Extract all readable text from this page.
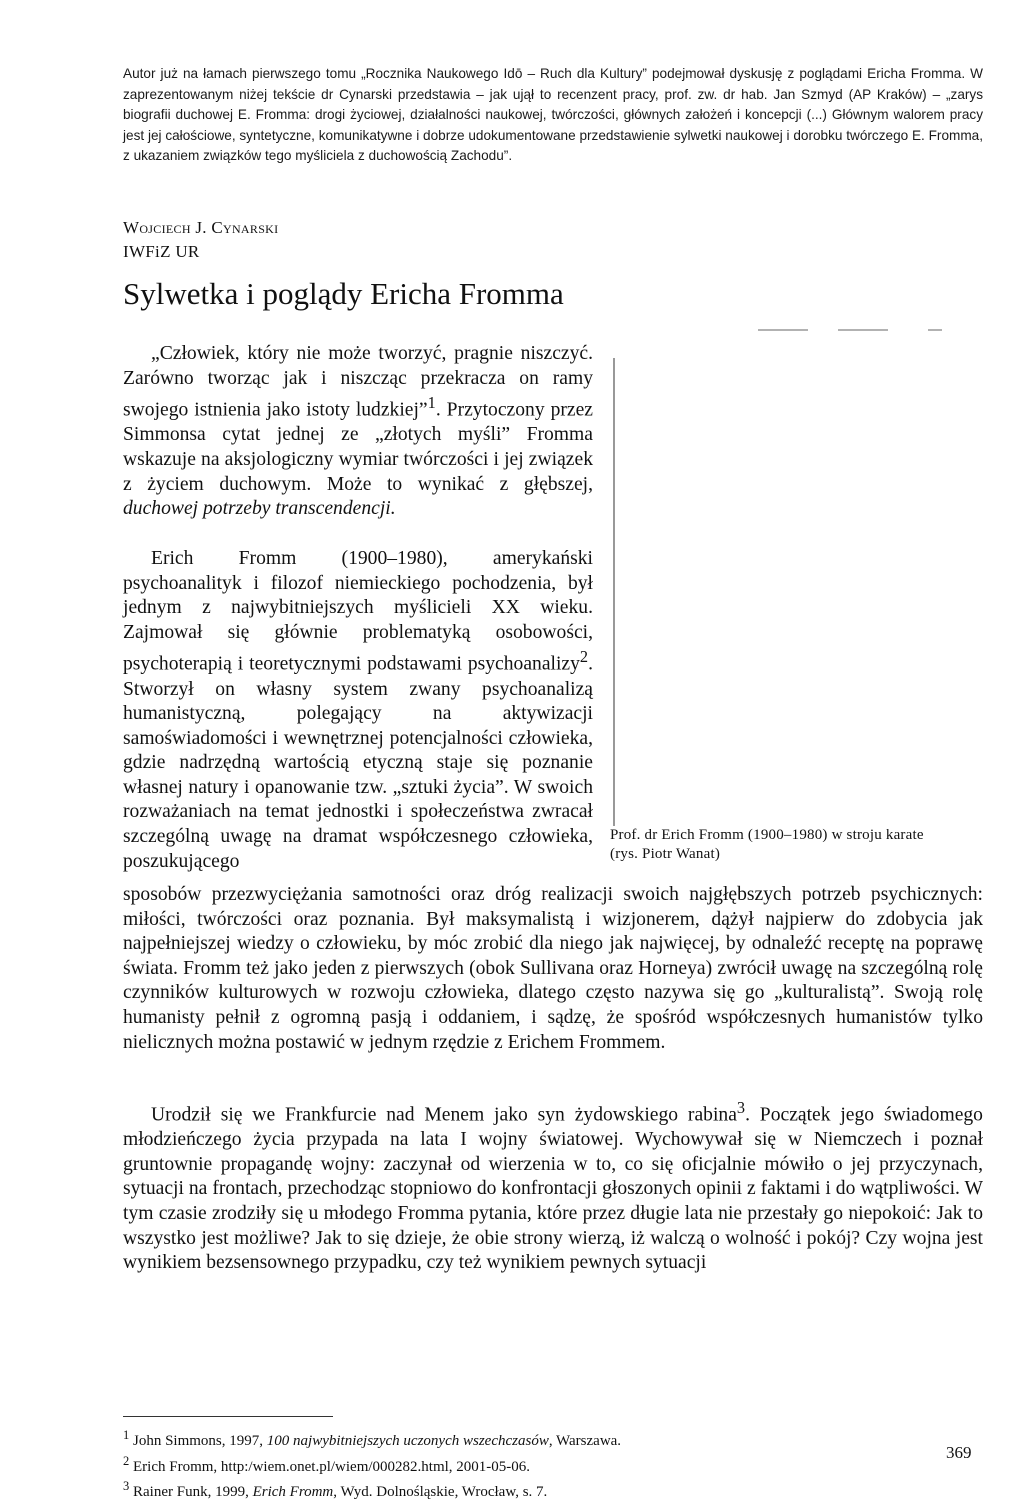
Autor już na łamach pierwszego tomu „Rocznika Naukowego Idō – Ruch dla Kultury” podejmował dyskusję z poglądami Ericha Fromma. W zaprezentowanym niżej tekście dr Cynarski przedstawia – jak ujął to recenzent pracy, prof. zw. dr hab. Jan Szmyd (AP Kraków) – „zarys biografii duchowej E. Fromma: drogi życiowej, działalności naukowej, twórczości, głównych założeń i koncepcji (...) Głównym walorem pracy jest jej całościowe, syntetyczne, komunikatywne i dobrze udokumentowane przedstawienie sylwetki naukowej i dorobku twórczego E. Fromma, z ukazaniem związków tego myśliciela z duchowością Zachodu”.
Wojciech J. Cynarski
IWFiZ UR
Sylwetka i poglądy Ericha Fromma

„Człowiek, który nie może tworzyć, pragnie niszczyć. Zarówno tworząc jak i niszcząc przekracza on ramy swojego istnienia jako istoty ludzkiej”$^1$. Przytoczony przez Simmonsa cytat jednej ze „złotych myśli” Fromma wskazuje na aksjologiczny wymiar twórczości i jej związek z życiem duchowym. Może to wynikać z głębszej, duchowej potrzeby transcendencji.

Erich Fromm (1900–1980), amerykański psychoanalityk i filozof niemieckiego pochodzenia, był jednym z najwybitniejszych myślicieli XX wieku. Zajmował się głównie problematyką osobowości, psychoterapią i teoretycznymi podstawami psychoanalizy$^2$. Stworzył on własny system zwany psychoanalizą humanistyczną, polegający na aktywizacji samoświadomości i wewnętrznej potencjalności człowieka, gdzie nadrzędną wartością etyczną staje się poznanie własnej natury i opanowanie tzw. „sztuki życia”. W swoich rozważaniach na temat jednostki i społeczeństwa zwracał szczególną uwagę na dramat współczesnego człowieka, poszukującego

Prof. dr Erich Fromm (1900–1980) w stroju karate
(rys. Piotr Wanat)

sposobów przezwyciężania samotności oraz dróg realizacji swoich najgłębszych potrzeb psychicznych: miłości, twórczości oraz poznania. Był maksymalistą i wizjonerem, dążył najpierw do zdobycia jak najpełniejszej wiedzy o człowieku, by móc zrobić dla niego jak najwięcej, by odnaleźć receptę na poprawę świata. Fromm też jako jeden z pierwszych (obok Sullivana oraz Horneya) zwrócił uwagę na szczególną rolę czynników kulturowych w rozwoju człowieka, dlatego często nazywa się go „kulturalistą”. Swoją rolę humanisty pełnił z ogromną pasją i oddaniem, i sądzę, że spośród współczesnych humanistów tylko nielicznych można postawić w jednym rzędzie z Erichem Frommem.

Urodził się we Frankfurcie nad Menem jako syn żydowskiego rabina$^3$. Początek jego świadomego młodzieńczego życia przypada na lata I wojny światowej. Wychowywał się w Niemczech i poznał gruntownie propagandę wojny: zaczynał od wierzenia w to, co się oficjalnie mówiło o jej przyczynach, sytuacji na frontach, przechodząc stopniowo do konfrontacji głoszonych opinii z faktami i do wątpliwości. W tym czasie zrodziły się u młodego Fromma pytania, które przez długie lata nie przestały go niepokoić: Jak to wszystko jest możliwe? Jak to się dzieje, że obie strony wierzą, iż walczą o wolność i pokój? Czy wojna jest wynikiem bezsensownego przypadku, czy też wynikiem pewnych sytuacji

$^1$ John Simmons, 1997, 100 najwybitniejszych uczonych wszechczasów, Warszawa.
$^2$ Erich Fromm, http:/wiem.onet.pl/wiem/000282.html, 2001-05-06.
$^3$ Rainer Funk, 1999, Erich Fromm, Wyd. Dolnośląskie, Wrocław, s. 7.
369
